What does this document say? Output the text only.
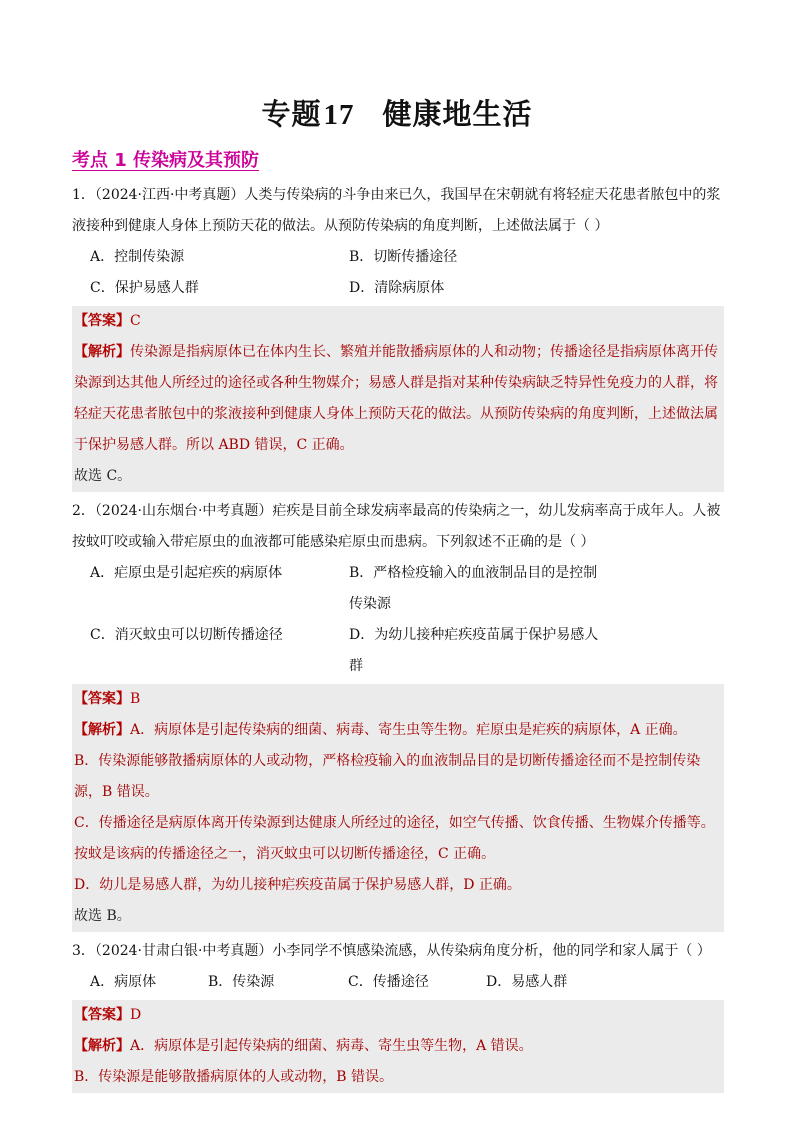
专题17 健康地生活
考点 1 传染病及其预防
1．（2024·江西·中考真题）人类与传染病的斗争由来已久，我国早在宋朝就有将轻症天花患者脓包中的浆液接种到健康人身体上预防天花的做法。从预防传染病的角度判断，上述做法属于（ ）
A．控制传染源	B．切断传播途径
C．保护易感人群	D．清除病原体

【答案】C

【解析】传染源是指病原体已在体内生长、繁殖并能散播病原体的人和动物；传播途径是指病原体离开传染源到达其他人所经过的途径或各种生物媒介；易感人群是指对某种传染病缺乏特异性免疫力的人群，将轻症天花患者脓包中的浆液接种到健康人身体上预防天花的做法。从预防传染病的角度判断，上述做法属于保护易感人群。所以 ABD 错误，C 正确。

故选 C。

2．（2024·山东烟台·中考真题）疟疾是目前全球发病率最高的传染病之一，幼儿发病率高于成年人。人被按蚊叮咬或输入带疟原虫的血液都可能感染疟原虫而患病。下列叙述不正确的是（ ）
A．疟原虫是引起疟疾的病原体	B．严格检疫输入的血液制品目的是控制传染源
C．消灭蚊虫可以切断传播途径	D．为幼儿接种疟疾疫苗属于保护易感人群

【答案】B

【解析】A．病原体是引起传染病的细菌、病毒、寄生虫等生物。疟原虫是疟疾的病原体，A 正确。

B．传染源能够散播病原体的人或动物，严格检疫输入的血液制品目的是切断传播途径而不是控制传染源，B 错误。

C．传播途径是病原体离开传染源到达健康人所经过的途径，如空气传播、饮食传播、生物媒介传播等。按蚊是该病的传播途径之一，消灭蚊虫可以切断传播途径，C 正确。

D．幼儿是易感人群，为幼儿接种疟疾疫苗属于保护易感人群，D 正确。

故选 B。

3．（2024·甘肃白银·中考真题）小李同学不慎感染流感，从传染病角度分析，他的同学和家人属于（ ）
A．病原体	B．传染源	C．传播途径	D．易感人群

【答案】D

【解析】A．病原体是引起传染病的细菌、病毒、寄生虫等生物，A 错误。

B．传染源是能够散播病原体的人或动物，B 错误。
